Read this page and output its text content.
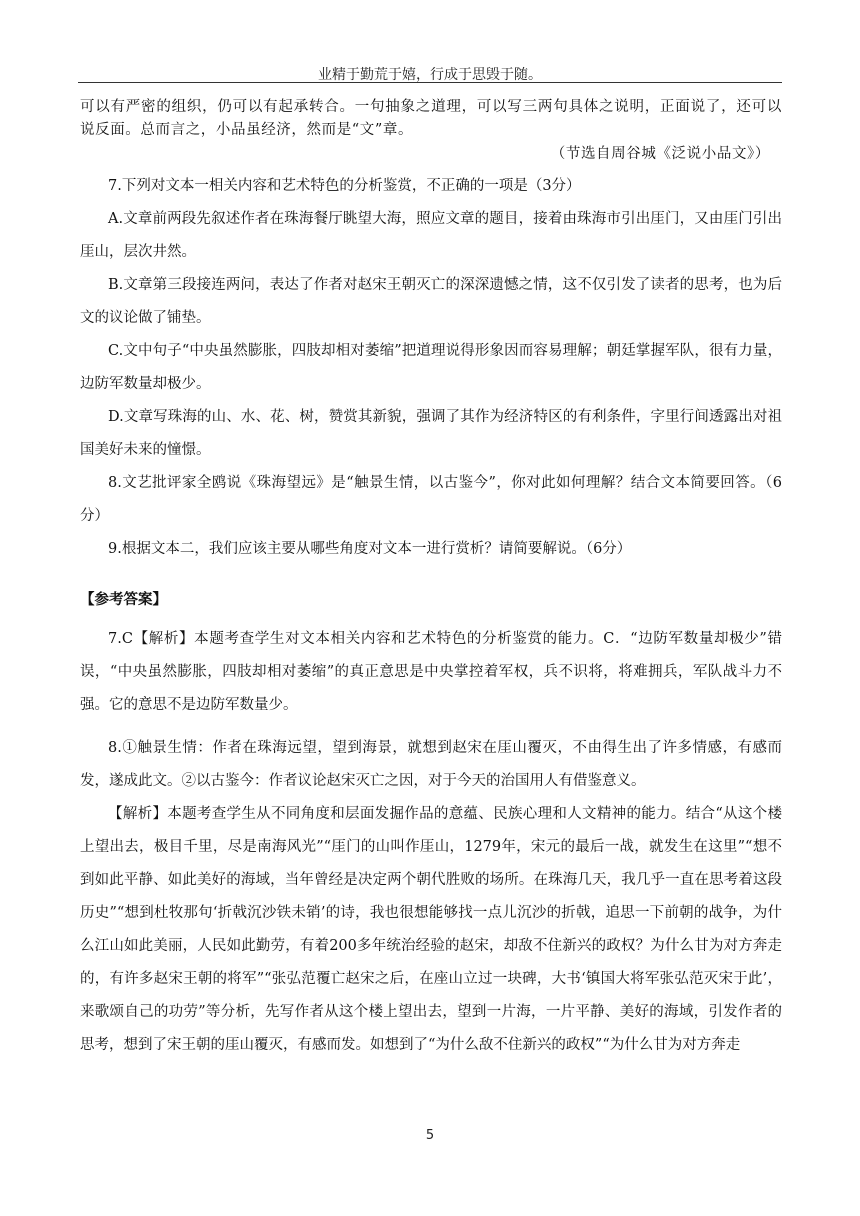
业精于勤荒于嬉，行成于思毁于随。

可以有严密的组织，仍可以有起承转合。一句抽象之道理，可以写三两句具体之说明，正面说了，还可以说反面。总而言之，小品虽经济，然而是“文”章。

（节选自周谷城《泛说小品文》）

7.下列对文本一相关内容和艺术特色的分析鉴赏，不正确的一项是（3分）

A.文章前两段先叙述作者在珠海餐厅眺望大海，照应文章的题目，接着由珠海市引出厓门，又由厓门引出厓山，层次井然。

B.文章第三段接连两问，表达了作者对赵宋王朝灭亡的深深遗憾之情，这不仅引发了读者的思考，也为后文的议论做了铺垫。

C.文中句子“中央虽然膨胀，四肢却相对萎缩”把道理说得形象因而容易理解；朝廷掌握军队，很有力量，边防军数量却极少。

D.文章写珠海的山、水、花、树，赞赏其新貌，强调了其作为经济特区的有利条件，字里行间透露出对祖国美好未来的憧憬。

8.文艺批评家全鸥说《珠海望远》是“触景生情，以古鉴今”，你对此如何理解？结合文本简要回答。（6分）

9.根据文本二，我们应该主要从哪些角度对文本一进行赏析？请简要解说。（6分）

【参考答案】

7.C【解析】本题考查学生对文本相关内容和艺术特色的分析鉴赏的能力。C．“边防军数量却极少”错误，“中央虽然膨胀，四肢却相对萎缩”的真正意思是中央掌控着军权，兵不识将，将难拥兵，军队战斗力不强。它的意思不是边防军数量少。

8.①触景生情：作者在珠海远望，望到海景，就想到赵宋在厓山覆灭，不由得生出了许多情感，有感而发，遂成此文。②以古鉴今：作者议论赵宋灭亡之因，对于今天的治国用人有借鉴意义。

【解析】本题考查学生从不同角度和层面发掘作品的意蕴、民族心理和人文精神的能力。结合“从这个楼上望出去，极目千里，尽是南海风光”“厓门的山叫作厓山，1279年，宋元的最后一战，就发生在这里”“想不到如此平静、如此美好的海域，当年曾经是决定两个朝代胜败的场所。在珠海几天，我几乎一直在思考着这段历史”“想到杜牧那句‘折戟沉沙铁未销’的诗，我也很想能够找一点儿沉沙的折戟，追思一下前朝的战争，为什么江山如此美丽，人民如此勤劳，有着200多年统治经验的赵宋，却敌不住新兴的政权？为什么甘为对方奔走的，有许多赵宋王朝的将军”“张弘范覆亡赵宋之后，在座山立过一块碑，大书‘镇国大将军张弘范灭宋于此’，来歌颂自己的功劳”等分析，先写作者从这个楼上望出去，望到一片海，一片平静、美好的海域，引发作者的思考，想到了宋王朝的厓山覆灭，有感而发。如想到了“为什么敌不住新兴的政权”“为什么甘为对方奔走

5
